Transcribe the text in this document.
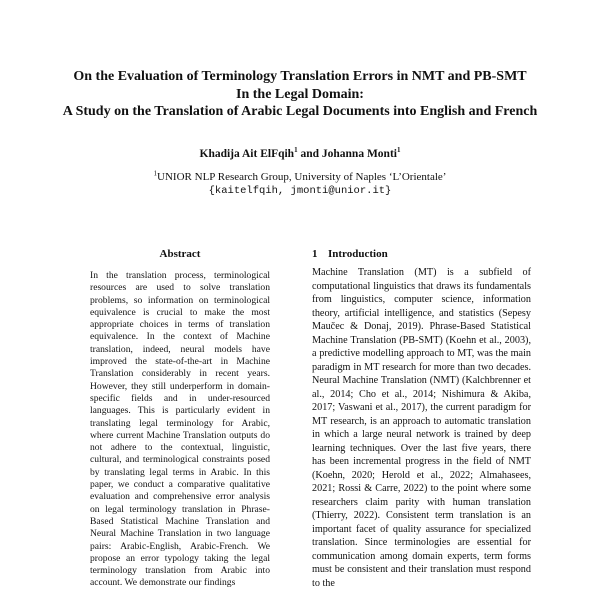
On the Evaluation of Terminology Translation Errors in NMT and PB-SMT
In the Legal Domain:
A Study on the Translation of Arabic Legal Documents into English and French
Khadija Ait ElFqih$^1$ and Johanna Monti$^1$
$^1$UNIOR NLP Research Group, University of Naples ‘L’Orientale’
{kaitelfqih, jmonti@unior.it}
Abstract
In the translation process, terminological resources are used to solve translation problems, so information on terminological equivalence is crucial to make the most appropriate choices in terms of translation equivalence. In the context of Machine translation, indeed, neural models have improved the state-of-the-art in Machine Translation considerably in recent years. However, they still underperform in domain-specific fields and in under-resourced languages. This is particularly evident in translating legal terminology for Arabic, where current Machine Translation outputs do not adhere to the contextual, linguistic, cultural, and terminological constraints posed by translating legal terms in Arabic. In this paper, we conduct a comparative qualitative evaluation and comprehensive error analysis on legal terminology translation in Phrase-Based Statistical Machine Translation and Neural Machine Translation in two language pairs: Arabic-English, Arabic-French. We propose an error typology taking the legal terminology translation from Arabic into account. We demonstrate our findings
1 Introduction
Machine Translation (MT) is a subfield of computational linguistics that draws its fundamentals from linguistics, computer science, information theory, artificial intelligence, and statistics (Sepesy Maučec & Donaj, 2019). Phrase-Based Statistical Machine Translation (PB-SMT) (Koehn et al., 2003), a predictive modelling approach to MT, was the main paradigm in MT research for more than two decades. Neural Machine Translation (NMT) (Kalchbrenner et al., 2014; Cho et al., 2014; Nishimura & Akiba, 2017; Vaswani et al., 2017), the current paradigm for MT research, is an approach to automatic translation in which a large neural network is trained by deep learning techniques. Over the last five years, there has been incremental progress in the field of NMT (Koehn, 2020; Herold et al., 2022; Almahasees, 2021; Rossi & Carre, 2022) to the point where some researchers claim parity with human translation (Thierry, 2022). Consistent term translation is an important facet of quality assurance for specialized translation. Since terminologies are essential for communication among domain experts, term forms must be consistent and their translation must respond to the
